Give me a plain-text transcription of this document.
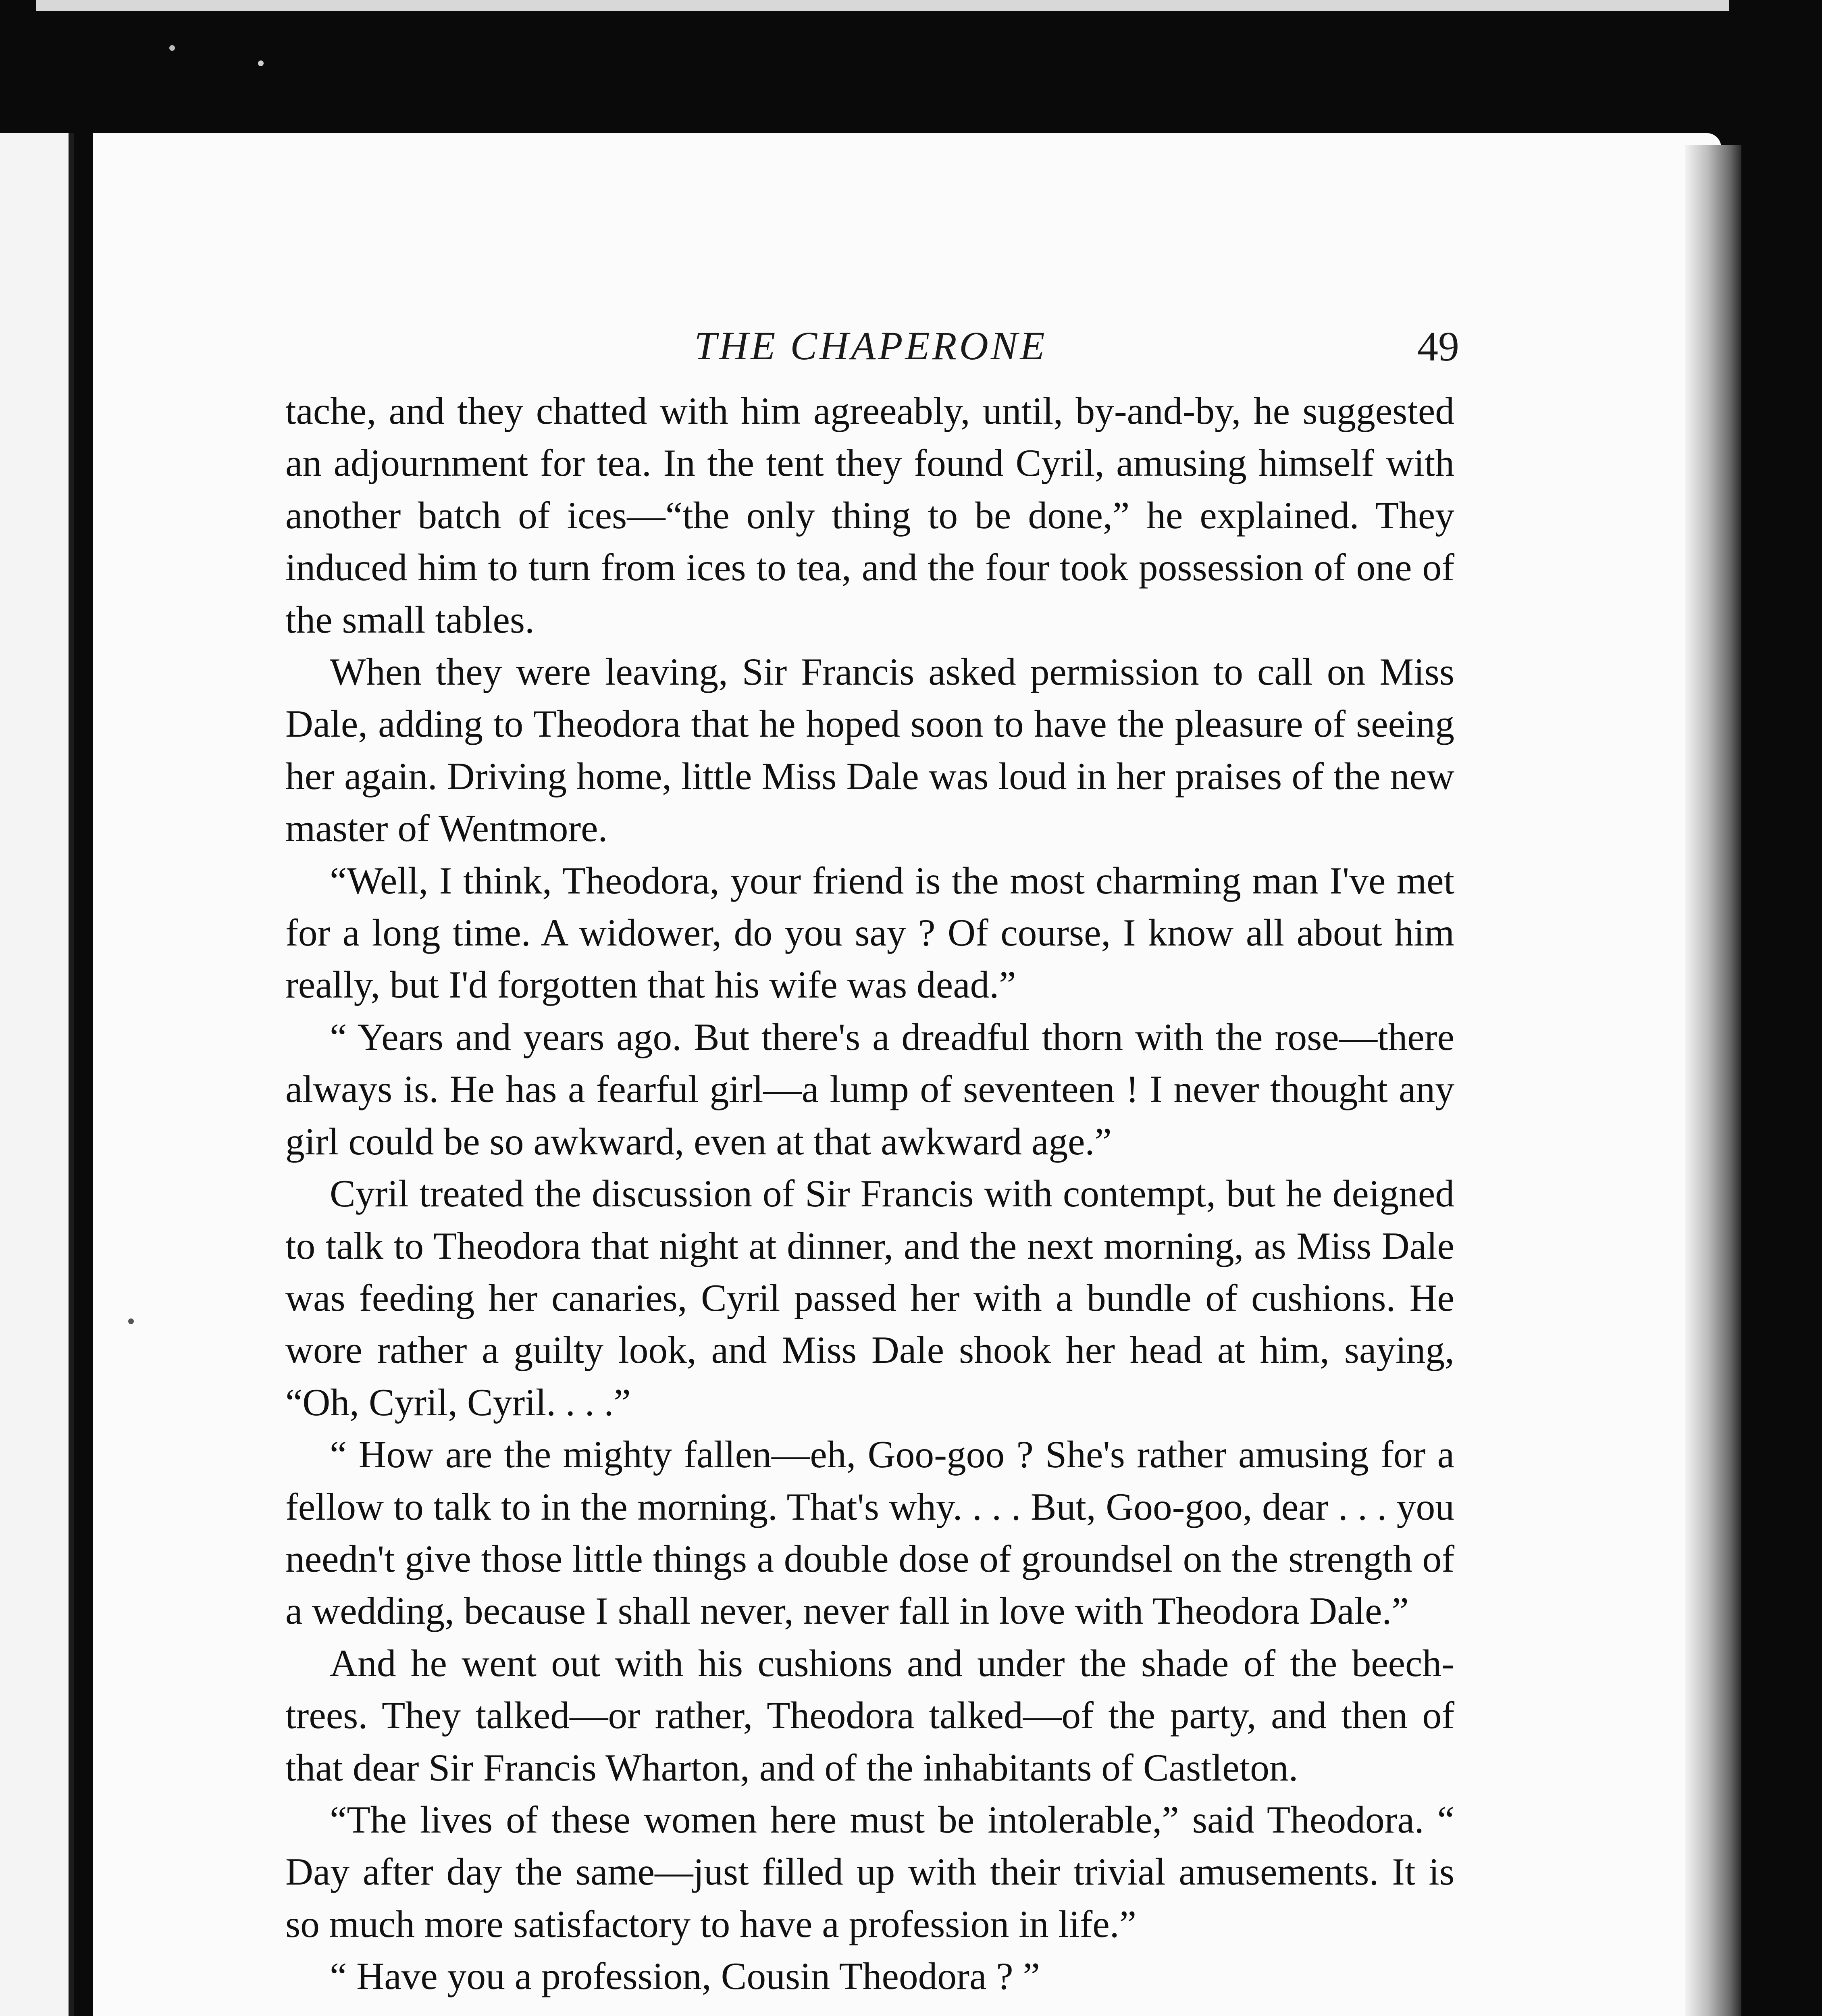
THE CHAPERONE	49

tache, and they chatted with him agreeably, until, by-and-by, he suggested an adjournment for tea. In the tent they found Cyril, amusing himself with another batch of ices—“the only thing to be done,” he explained. They induced him to turn from ices to tea, and the four took possession of one of the small tables.

When they were leaving, Sir Francis asked permission to call on Miss Dale, adding to Theodora that he hoped soon to have the pleasure of seeing her again. Driving home, little Miss Dale was loud in her praises of the new master of Wentmore.

“Well, I think, Theodora, your friend is the most charming man I've met for a long time. A widower, do you say ? Of course, I know all about him really, but I'd forgotten that his wife was dead.”

“ Years and years ago. But there's a dreadful thorn with the rose—there always is. He has a fearful girl—a lump of seventeen ! I never thought any girl could be so awkward, even at that awkward age.”

Cyril treated the discussion of Sir Francis with contempt, but he deigned to talk to Theodora that night at dinner, and the next morning, as Miss Dale was feeding her canaries, Cyril passed her with a bundle of cushions. He wore rather a guilty look, and Miss Dale shook her head at him, saying, “Oh, Cyril, Cyril. . . .”

“ How are the mighty fallen—eh, Goo-goo ? She's rather amusing for a fellow to talk to in the morning. That's why. . . . But, Goo-goo, dear . . . you needn't give those little things a double dose of groundsel on the strength of a wedding, because I shall never, never fall in love with Theodora Dale.”

And he went out with his cushions and under the shade of the beech-trees. They talked—or rather, Theodora talked—of the party, and then of that dear Sir Francis Wharton, and of the inhabitants of Castleton.

“The lives of these women here must be intolerable,” said Theodora. “ Day after day the same—just filled up with their trivial amusements. It is so much more satisfactory to have a profession in life.”

“ Have you a profession, Cousin Theodora ? ”
